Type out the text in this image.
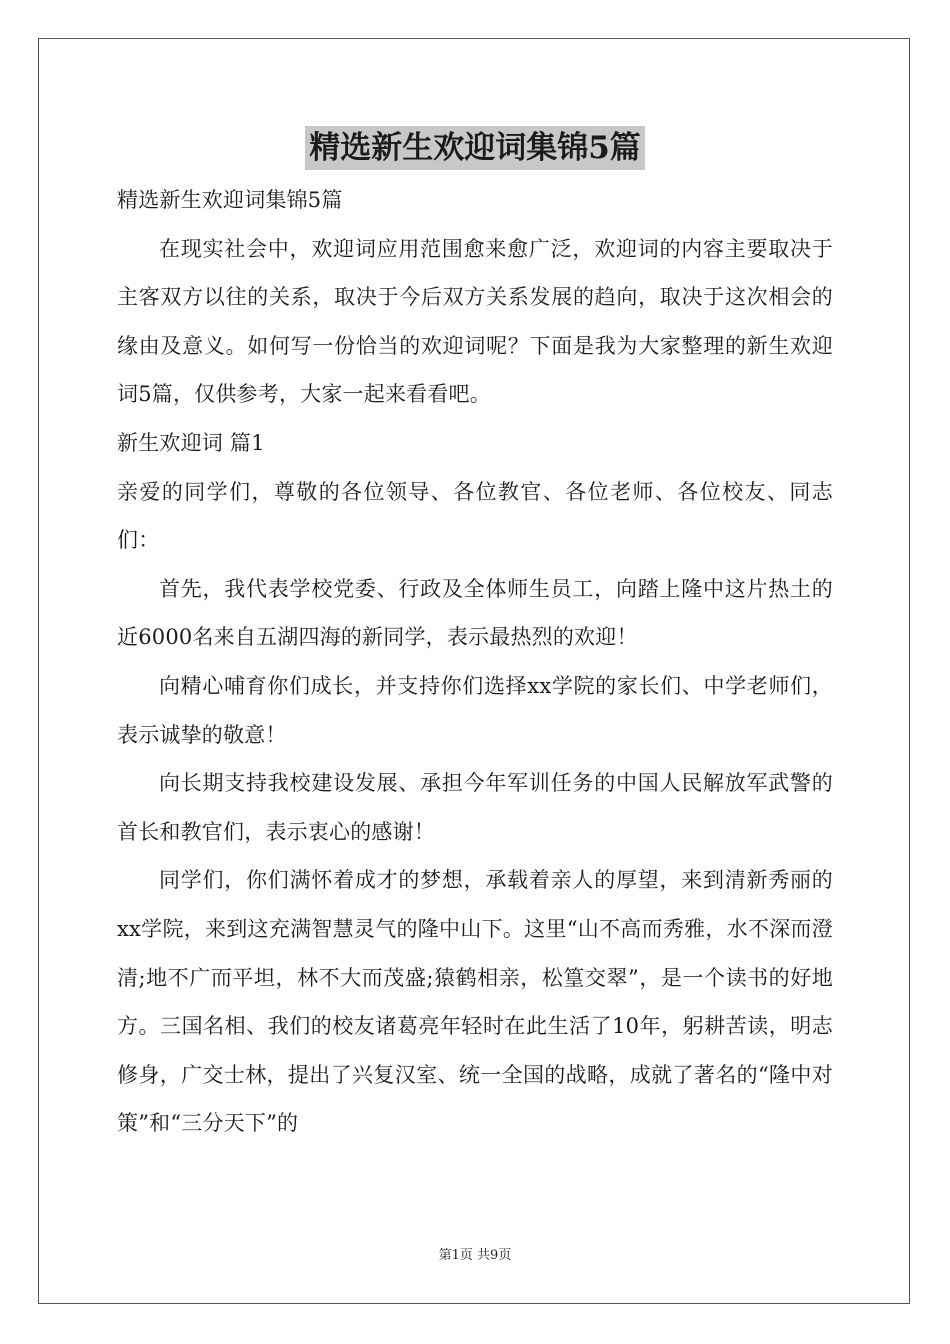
精选新生欢迎词集锦5篇

精选新生欢迎词集锦5篇

在现实社会中，欢迎词应用范围愈来愈广泛，欢迎词的内容主要取决于主客双方以往的关系，取决于今后双方关系发展的趋向，取决于这次相会的缘由及意义。如何写一份恰当的欢迎词呢？下面是我为大家整理的新生欢迎词5篇，仅供参考，大家一起来看看吧。

新生欢迎词 篇1

亲爱的同学们，尊敬的各位领导、各位教官、各位老师、各位校友、同志们：

首先，我代表学校党委、行政及全体师生员工，向踏上隆中这片热土的近6000名来自五湖四海的新同学，表示最热烈的欢迎！

向精心哺育你们成长，并支持你们选择xx学院的家长们、中学老师们，表示诚挚的敬意！

向长期支持我校建设发展、承担今年军训任务的中国人民解放军武警的首长和教官们，表示衷心的感谢！

同学们，你们满怀着成才的梦想，承载着亲人的厚望，来到清新秀丽的xx学院，来到这充满智慧灵气的隆中山下。这里“山不高而秀雅，水不深而澄清;地不广而平坦，林不大而茂盛;猿鹤相亲，松篁交翠”，是一个读书的好地方。三国名相、我们的校友诸葛亮年轻时在此生活了10年，躬耕苦读，明志修身，广交士林，提出了兴复汉室、统一全国的战略，成就了著名的“隆中对策”和“三分天下”的

第1页 共9页
